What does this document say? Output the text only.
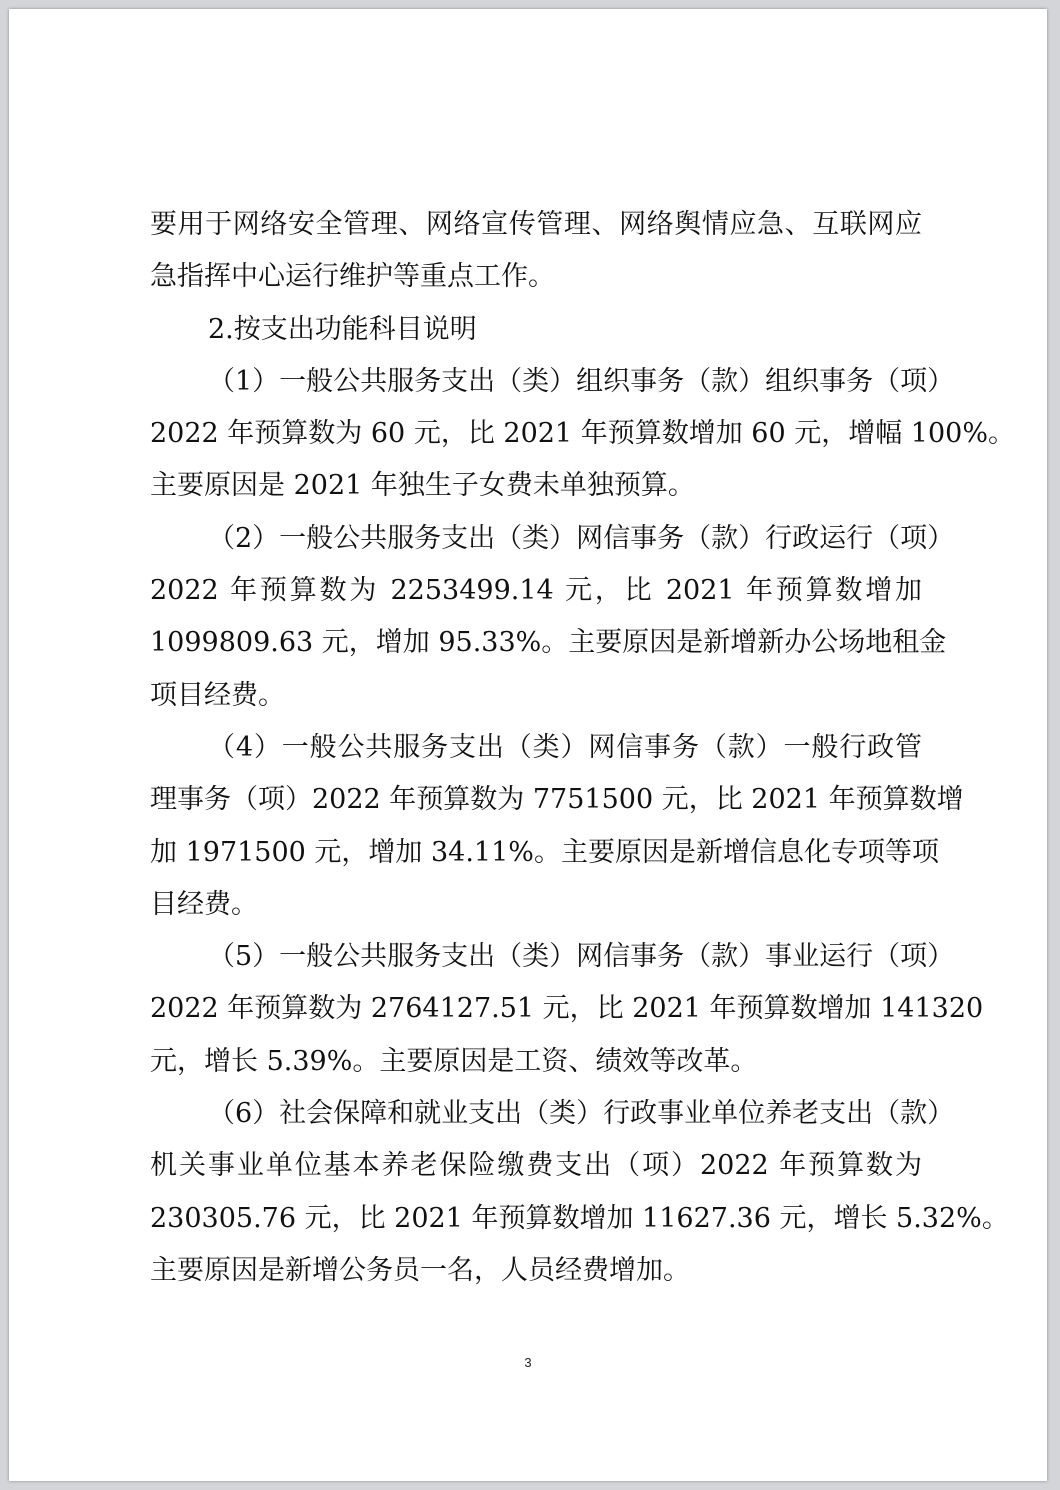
要用于网络安全管理、网络宣传管理、网络舆情应急、互联网应
急指挥中心运行维护等重点工作。
2.按支出功能科目说明
（1）一般公共服务支出（类）组织事务（款）组织事务（项）
2022 年预算数为 60 元，比 2021 年预算数增加 60 元，增幅 100%。
主要原因是 2021 年独生子女费未单独预算。
（2）一般公共服务支出（类）网信事务（款）行政运行（项）
2022 年预算数为 2253499.14 元，比 2021 年预算数增加
1099809.63 元，增加 95.33%。主要原因是新增新办公场地租金
项目经费。
（4）一般公共服务支出（类）网信事务（款）一般行政管
理事务（项）2022 年预算数为 7751500 元，比 2021 年预算数增
加 1971500 元，增加 34.11%。主要原因是新增信息化专项等项
目经费。
（5）一般公共服务支出（类）网信事务（款）事业运行（项）
2022 年预算数为 2764127.51 元，比 2021 年预算数增加 141320
元，增长 5.39%。主要原因是工资、绩效等改革。
（6）社会保障和就业支出（类）行政事业单位养老支出（款）
机关事业单位基本养老保险缴费支出（项）2022 年预算数为
230305.76 元，比 2021 年预算数增加 11627.36 元，增长 5.32%。
主要原因是新增公务员一名，人员经费增加。
3
